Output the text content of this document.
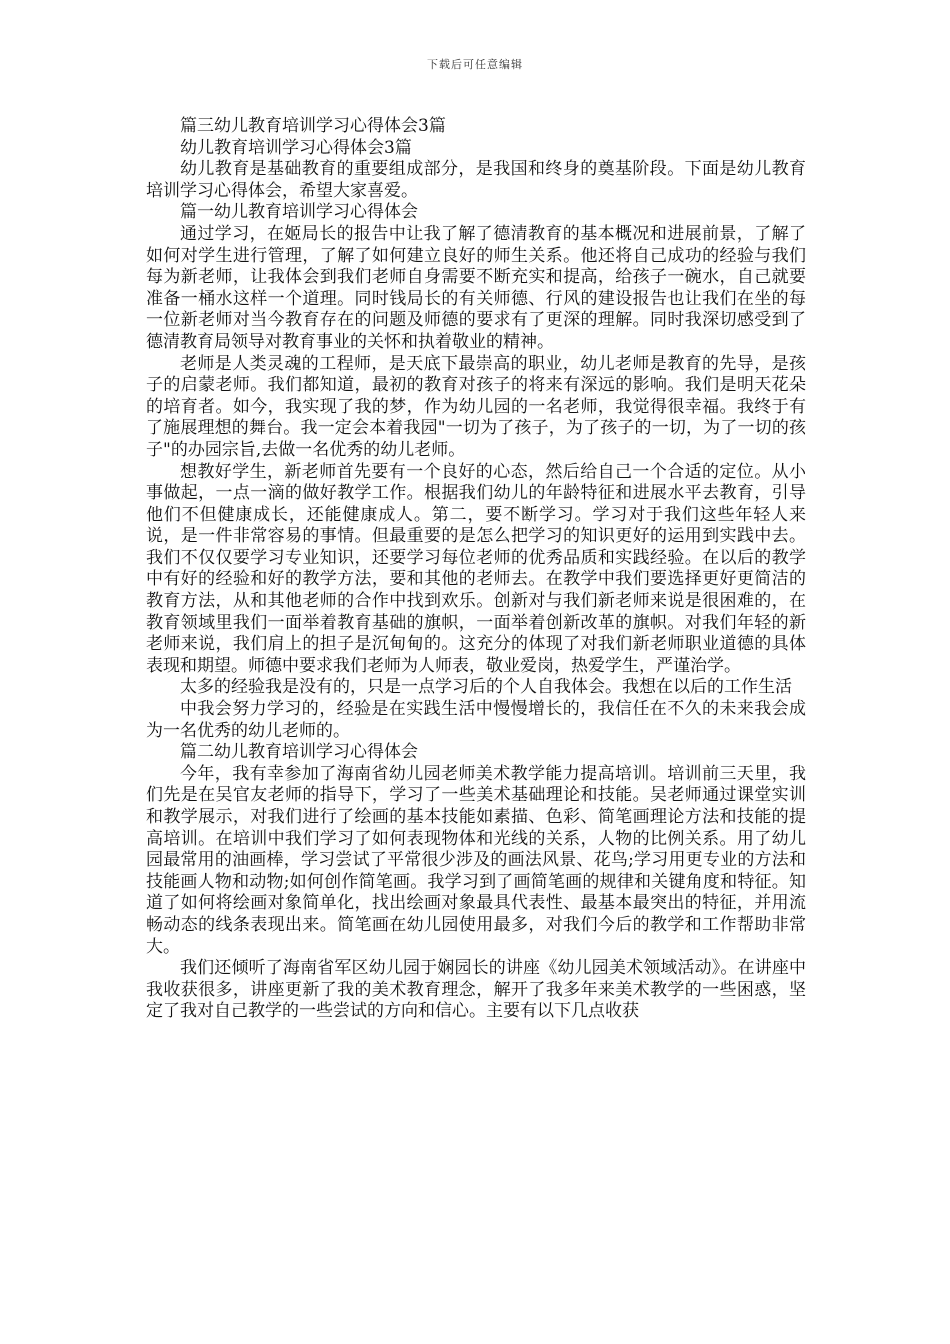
下载后可任意编辑

篇三幼儿教育培训学习心得体会3篇

幼儿教育培训学习心得体会3篇

幼儿教育是基础教育的重要组成部分，是我国和终身的奠基阶段。下面是幼儿教育培训学习心得体会，希望大家喜爱。

篇一幼儿教育培训学习心得体会

通过学习，在姬局长的报告中让我了解了德清教育的基本概况和进展前景，了解了如何对学生进行管理，了解了如何建立良好的师生关系。他还将自己成功的经验与我们每为新老师，让我体会到我们老师自身需要不断充实和提高，给孩子一碗水，自己就要准备一桶水这样一个道理。同时钱局长的有关师德、行风的建设报告也让我们在坐的每一位新老师对当今教育存在的问题及师德的要求有了更深的理解。同时我深切感受到了德清教育局领导对教育事业的关怀和执着敬业的精神。

老师是人类灵魂的工程师，是天底下最崇高的职业，幼儿老师是教育的先导，是孩子的启蒙老师。我们都知道，最初的教育对孩子的将来有深远的影响。我们是明天花朵的培育者。如今，我实现了我的梦，作为幼儿园的一名老师，我觉得很幸福。我终于有了施展理想的舞台。我一定会本着我园"一切为了孩子，为了孩子的一切，为了一切的孩子"的办园宗旨,去做一名优秀的幼儿老师。

想教好学生，新老师首先要有一个良好的心态，然后给自己一个合适的定位。从小事做起，一点一滴的做好教学工作。根据我们幼儿的年龄特征和进展水平去教育，引导他们不但健康成长，还能健康成人。第二，要不断学习。学习对于我们这些年轻人来说，是一件非常容易的事情。但最重要的是怎么把学习的知识更好的运用到实践中去。我们不仅仅要学习专业知识，还要学习每位老师的优秀品质和实践经验。在以后的教学中有好的经验和好的教学方法，要和其他的老师去。在教学中我们要选择更好更简洁的教育方法，从和其他老师的合作中找到欢乐。创新对与我们新老师来说是很困难的，在教育领域里我们一面举着教育基础的旗帜，一面举着创新改革的旗帜。对我们年轻的新老师来说，我们肩上的担子是沉甸甸的。这充分的体现了对我们新老师职业道德的具体表现和期望。师德中要求我们老师为人师表，敬业爱岗，热爱学生，严谨治学。

太多的经验我是没有的，只是一点学习后的个人自我体会。我想在以后的工作生活

中我会努力学习的，经验是在实践生活中慢慢增长的，我信任在不久的未来我会成为一名优秀的幼儿老师的。

篇二幼儿教育培训学习心得体会

今年，我有幸参加了海南省幼儿园老师美术教学能力提高培训。培训前三天里，我们先是在吴官友老师的指导下，学习了一些美术基础理论和技能。吴老师通过课堂实训和教学展示，对我们进行了绘画的基本技能如素描、色彩、简笔画理论方法和技能的提高培训。在培训中我们学习了如何表现物体和光线的关系，人物的比例关系。用了幼儿园最常用的油画棒，学习尝试了平常很少涉及的画法风景、花鸟;学习用更专业的方法和技能画人物和动物;如何创作简笔画。我学习到了画简笔画的规律和关键角度和特征。知道了如何将绘画对象简单化，找出绘画对象最具代表性、最基本最突出的特征，并用流畅动态的线条表现出来。简笔画在幼儿园使用最多，对我们今后的教学和工作帮助非常大。

我们还倾听了海南省军区幼儿园于娴园长的讲座《幼儿园美术领域活动》。在讲座中我收获很多，讲座更新了我的美术教育理念，解开了我多年来美术教学的一些困惑，坚定了我对自己教学的一些尝试的方向和信心。主要有以下几点收获
